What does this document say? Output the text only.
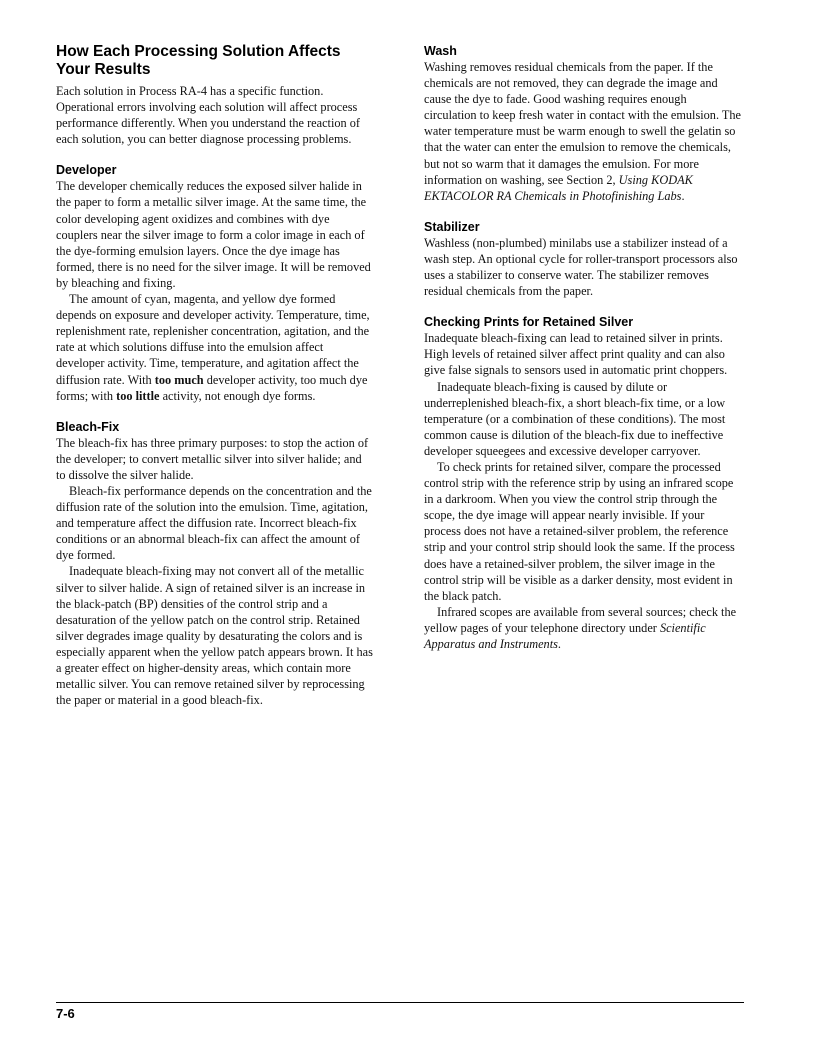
How Each Processing Solution Affects Your Results

Each solution in Process RA-4 has a specific function. Operational errors involving each solution will affect process performance differently. When you understand the reaction of each solution, you can better diagnose processing problems.

Developer

The developer chemically reduces the exposed silver halide in the paper to form a metallic silver image. At the same time, the color developing agent oxidizes and combines with dye couplers near the silver image to form a color image in each of the dye-forming emulsion layers. Once the dye image has formed, there is no need for the silver image. It will be removed by bleaching and fixing.

The amount of cyan, magenta, and yellow dye formed depends on exposure and developer activity. Temperature, time, replenishment rate, replenisher concentration, agitation, and the rate at which solutions diffuse into the emulsion affect developer activity. Time, temperature, and agitation affect the diffusion rate. With too much developer activity, too much dye forms; with too little activity, not enough dye forms.

Bleach-Fix

The bleach-fix has three primary purposes: to stop the action of the developer; to convert metallic silver into silver halide; and to dissolve the silver halide.

Bleach-fix performance depends on the concentration and the diffusion rate of the solution into the emulsion. Time, agitation, and temperature affect the diffusion rate. Incorrect bleach-fix conditions or an abnormal bleach-fix can affect the amount of dye formed.

Inadequate bleach-fixing may not convert all of the metallic silver to silver halide. A sign of retained silver is an increase in the black-patch (BP) densities of the control strip and a desaturation of the yellow patch on the control strip. Retained silver degrades image quality by desaturating the colors and is especially apparent when the yellow patch appears brown. It has a greater effect on higher-density areas, which contain more metallic silver. You can remove retained silver by reprocessing the paper or material in a good bleach-fix.

Wash

Washing removes residual chemicals from the paper. If the chemicals are not removed, they can degrade the image and cause the dye to fade. Good washing requires enough circulation to keep fresh water in contact with the emulsion. The water temperature must be warm enough to swell the gelatin so that the water can enter the emulsion to remove the chemicals, but not so warm that it damages the emulsion. For more information on washing, see Section 2, Using KODAK EKTACOLOR RA Chemicals in Photofinishing Labs.

Stabilizer

Washless (non-plumbed) minilabs use a stabilizer instead of a wash step. An optional cycle for roller-transport processors also uses a stabilizer to conserve water. The stabilizer removes residual chemicals from the paper.

Checking Prints for Retained Silver

Inadequate bleach-fixing can lead to retained silver in prints. High levels of retained silver affect print quality and can also give false signals to sensors used in automatic print choppers.

Inadequate bleach-fixing is caused by dilute or underreplenished bleach-fix, a short bleach-fix time, or a low temperature (or a combination of these conditions). The most common cause is dilution of the bleach-fix due to ineffective developer squeegees and excessive developer carryover.

To check prints for retained silver, compare the processed control strip with the reference strip by using an infrared scope in a darkroom. When you view the control strip through the scope, the dye image will appear nearly invisible. If your process does not have a retained-silver problem, the reference strip and your control strip should look the same. If the process does have a retained-silver problem, the silver image in the control strip will be visible as a darker density, most evident in the black patch.

Infrared scopes are available from several sources; check the yellow pages of your telephone directory under Scientific Apparatus and Instruments.

7-6
